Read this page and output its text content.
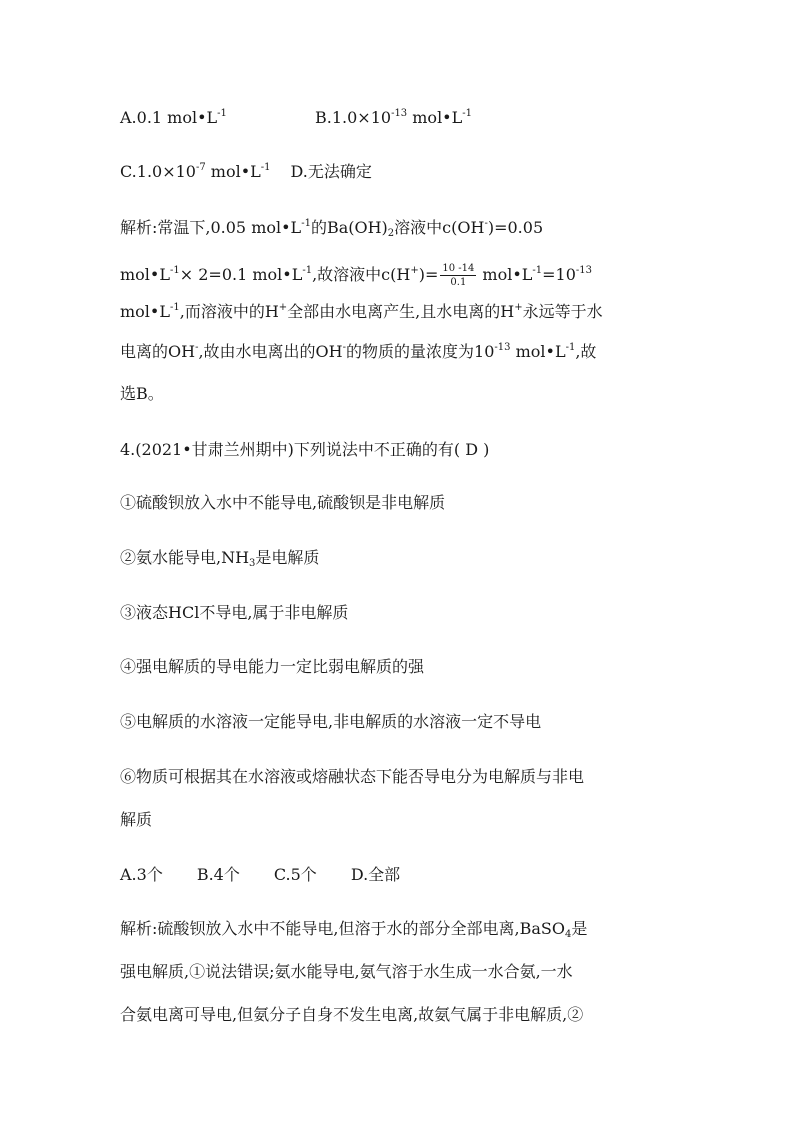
A.0.1 $mol•L^{-1}$	$B.1.0\times 10^{-13}$ $mol•L^{-1}$
$C.1.0\times 10^{-7}$ $mol•L^{-1}$ D.无法确定
解析:常温下,0.05 $mol•L^{-1}$的$Ba(OH)_2$溶液中c(OH-)=0.05
$mol•L^{-1}\times 2=0.1$ $mol•L^{-1}$,故溶液中$c(H^+)= \frac{10 -14}{0.1}$ $mol•L^{-1}=10^{-13}$
$mol•L^{-1}$,而溶液中的H+全部由水电离产生,且水电离的H+永远等于水
电离的OH-,故由水电离出的OH-的物质的量浓度为$10^{-13}$ $mol•L^{-1}$,故
选B。
4.(2021•甘肃兰州期中)下列说法中不正确的有( D )
①硫酸钡放入水中不能导电,硫酸钡是非电解质
②氨水能导电$,NH_3$是电解质
③液态HCl不导电,属于非电解质
④强电解质的导电能力一定比弱电解质的强
⑤电解质的水溶液一定能导电,非电解质的水溶液一定不导电
⑥物质可根据其在水溶液或熔融状态下能否导电分为电解质与非电
解质
A.3个 B.4个 C.5个 D.全部
解析:硫酸钡放入水中不能导电,但溶于水的部分全部电离,BaSO$_4$是
强电解质,①说法错误;氨水能导电,氨气溶于水生成一水合氨,一水
合氨电离可导电,但氨分子自身不发生电离,故氨气属于非电解质,②
